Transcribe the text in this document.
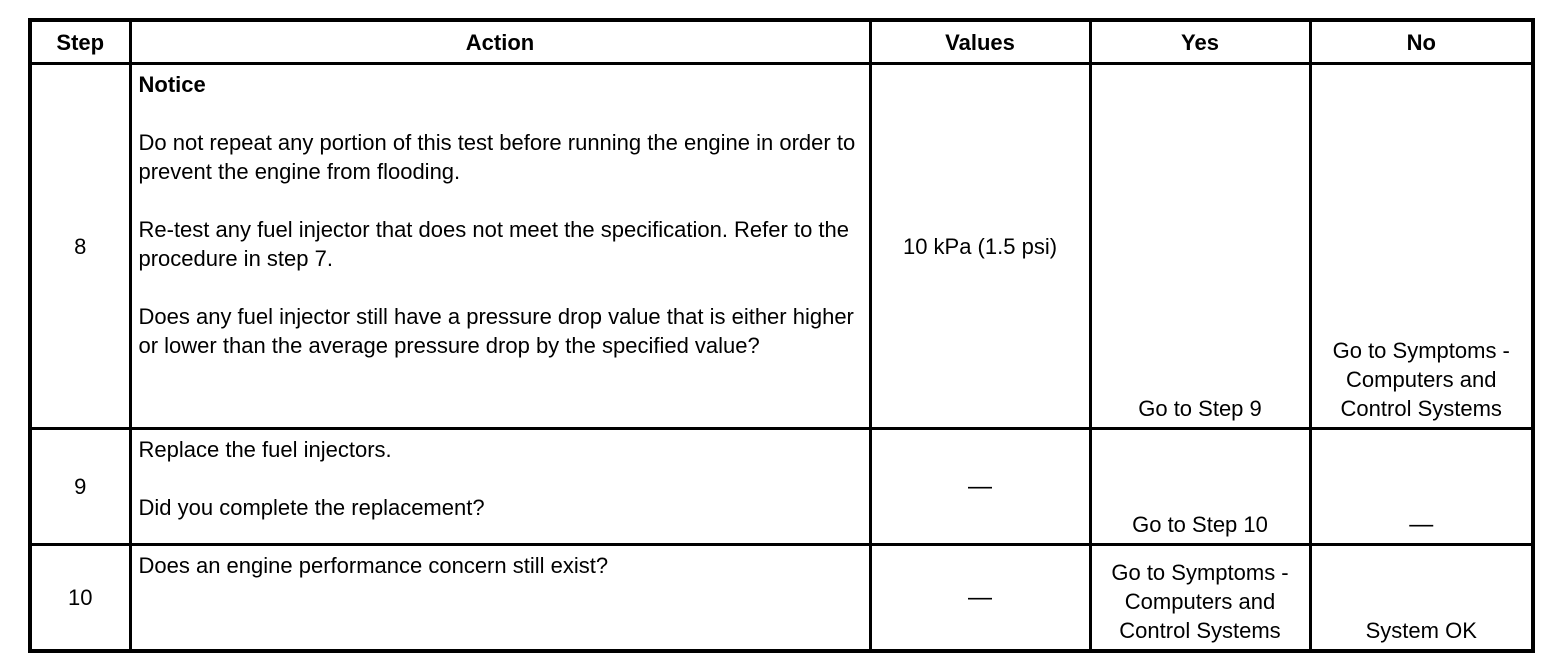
Step	Action	Values	Yes	No
8	Notice
Do not repeat any portion of this test before running the engine in order to prevent the engine from flooding.
Re-test any fuel injector that does not meet the specification. Refer to the procedure in step 7.
Does any fuel injector still have a pressure drop value that is either higher or lower than the average pressure drop by the specified value?	10 kPa (1.5 psi)	Go to Step 9	Go to Symptoms - Computers and Control Systems
9	Replace the fuel injectors.
Did you complete the replacement?	—	Go to Step 10	—
10	Does an engine performance concern still exist?	—	Go to Symptoms - Computers and Control Systems	System OK
